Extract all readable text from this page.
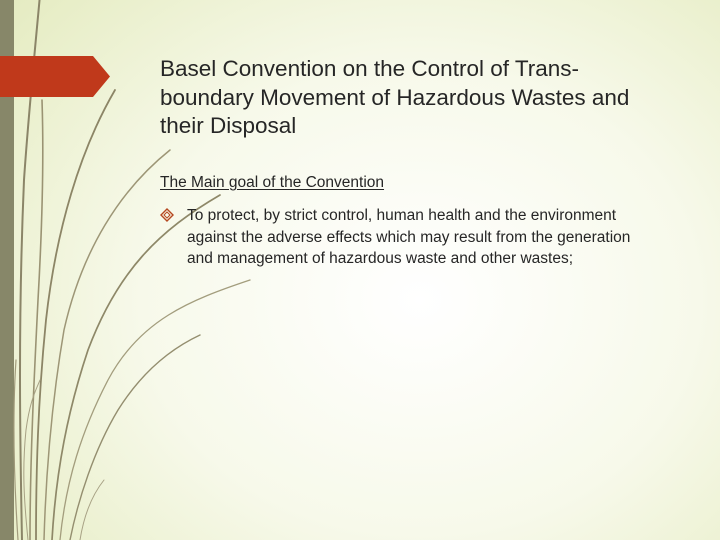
Basel Convention on the Control of Trans-boundary Movement of Hazardous Wastes and their Disposal

The Main goal of the Convention

To protect, by strict control, human health and the environment against the adverse effects which may result from the generation and management of hazardous waste and other wastes;
